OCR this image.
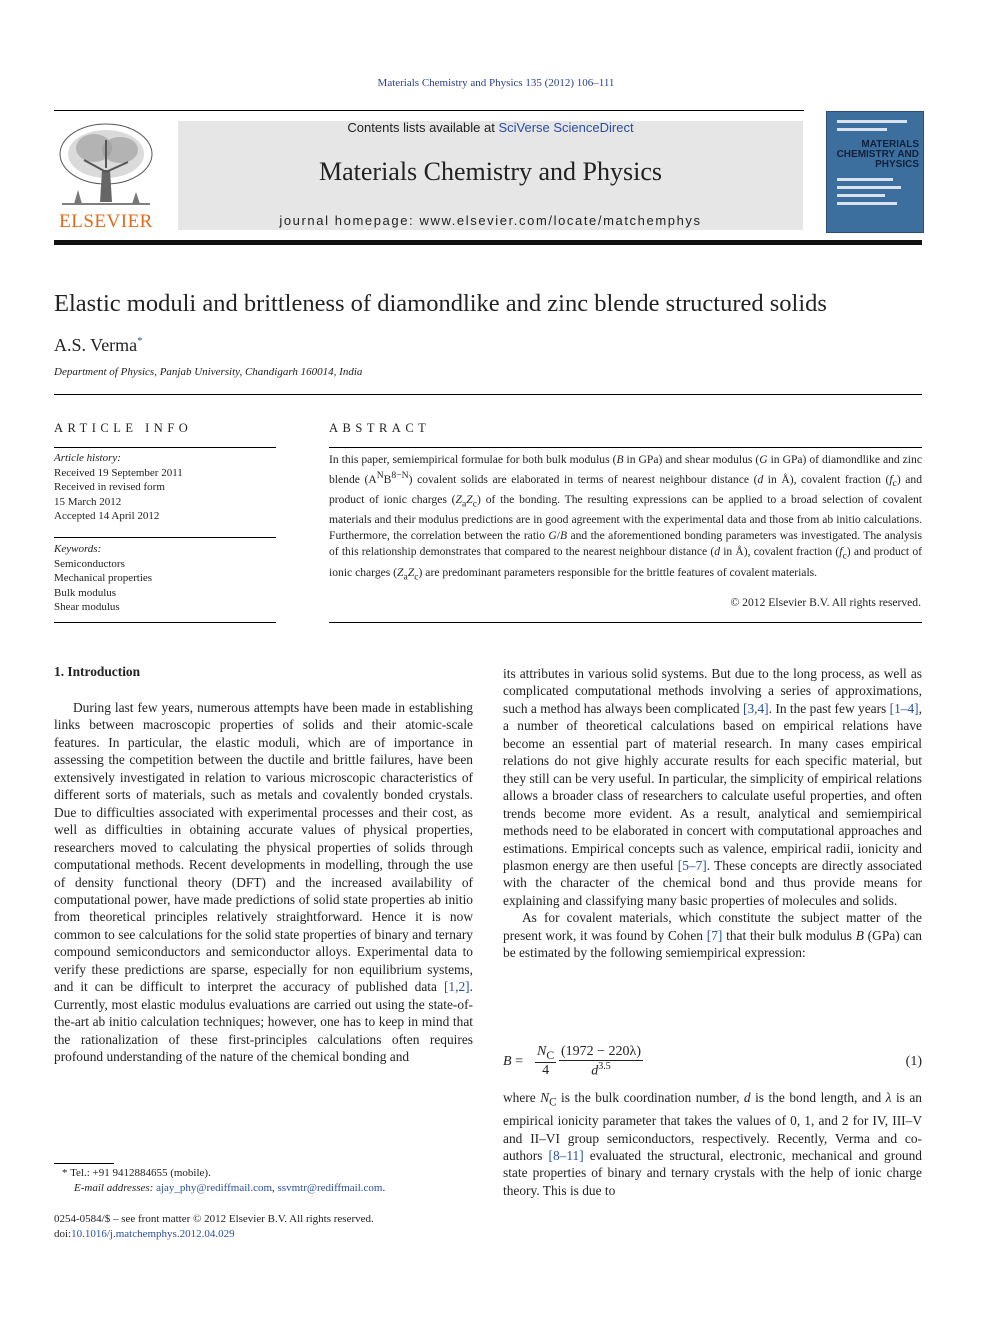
Materials Chemistry and Physics 135 (2012) 106–111
ELSEVIER
Contents lists available at SciVerse ScienceDirect
Materials Chemistry and Physics
journal homepage: www.elsevier.com/locate/matchemphys
MATERIALS CHEMISTRY AND PHYSICS
Elastic moduli and brittleness of diamondlike and zinc blende structured solids
A.S. Verma*
Department of Physics, Panjab University, Chandigarh 160014, India
ARTICLE INFO
Article history:
Received 19 September 2011
Received in revised form
15 March 2012
Accepted 14 April 2012
Keywords:
Semiconductors
Mechanical properties
Bulk modulus
Shear modulus
ABSTRACT
In this paper, semiempirical formulae for both bulk modulus (B in GPa) and shear modulus (G in GPa) of diamondlike and zinc blende $(A^NB^{8-N})$ covalent solids are elaborated in terms of nearest neighbour distance (d in Å), covalent fraction $(f_c)$ and product of ionic charges $(Z_aZ_c)$ of the bonding. The resulting expressions can be applied to a broad selection of covalent materials and their modulus predictions are in good agreement with the experimental data and those from ab initio calculations. Furthermore, the correlation between the ratio G/B and the aforementioned bonding parameters was investigated. The analysis of this relationship demonstrates that compared to the nearest neighbour distance (d in Å), covalent fraction $(f_c)$ and product of ionic charges $(Z_aZ_c)$ are predominant parameters responsible for the brittle features of covalent materials.
© 2012 Elsevier B.V. All rights reserved.
1. Introduction

During last few years, numerous attempts have been made in establishing links between macroscopic properties of solids and their atomic-scale features. In particular, the elastic moduli, which are of importance in assessing the competition between the ductile and brittle failures, have been extensively investigated in relation to various microscopic characteristics of different sorts of materials, such as metals and covalently bonded crystals. Due to difficulties associated with experimental processes and their cost, as well as difficulties in obtaining accurate values of physical properties, researchers moved to calculating the physical properties of solids through computational methods. Recent developments in modelling, through the use of density functional theory (DFT) and the increased availability of computational power, have made predictions of solid state properties ab initio from theoretical principles relatively straightforward. Hence it is now common to see calculations for the solid state properties of binary and ternary compound semiconductors and semiconductor alloys. Experimental data to verify these predictions are sparse, especially for non equilibrium systems, and it can be difficult to interpret the accuracy of published data [1,2]. Currently, most elastic modulus evaluations are carried out using the state-of-the-art ab initio calculation techniques; however, one has to keep in mind that the rationalization of these first-principles calculations often requires profound understanding of the nature of the chemical bonding and

its attributes in various solid systems. But due to the long process, as well as complicated computational methods involving a series of approximations, such a method has always been complicated [3,4]. In the past few years [1–4], a number of theoretical calculations based on empirical relations have become an essential part of material research. In many cases empirical relations do not give highly accurate results for each specific material, but they still can be very useful. In particular, the simplicity of empirical relations allows a broader class of researchers to calculate useful properties, and often trends become more evident. As a result, analytical and semiempirical methods need to be elaborated in concert with computational approaches and estimations. Empirical concepts such as valence, empirical radii, ionicity and plasmon energy are then useful [5–7]. These concepts are directly associated with the character of the chemical bond and thus provide means for explaining and classifying many basic properties of molecules and solids.

As for covalent materials, which constitute the subject matter of the present work, it was found by Cohen [7] that their bulk modulus B (GPa) can be estimated by the following semiempirical expression:

$B = \frac{N_C}{4} \frac{(1972 - 220\lambda)}{d^{3.5}}$	(1)

where $N_C$ is the bulk coordination number, d is the bond length, and λ is an empirical ionicity parameter that takes the values of 0, 1, and 2 for IV, III–V and II–VI group semiconductors, respectively. Recently, Verma and co-authors [8–11] evaluated the structural, electronic, mechanical and ground state properties of binary and ternary crystals with the help of ionic charge theory. This is due to

* Tel.: +91 9412884655 (mobile).
E-mail addresses: ajay_phy@rediffmail.com, ssvmtr@rediffmail.com.
0254-0584/$ – see front matter © 2012 Elsevier B.V. All rights reserved.
doi:10.1016/j.matchemphys.2012.04.029
